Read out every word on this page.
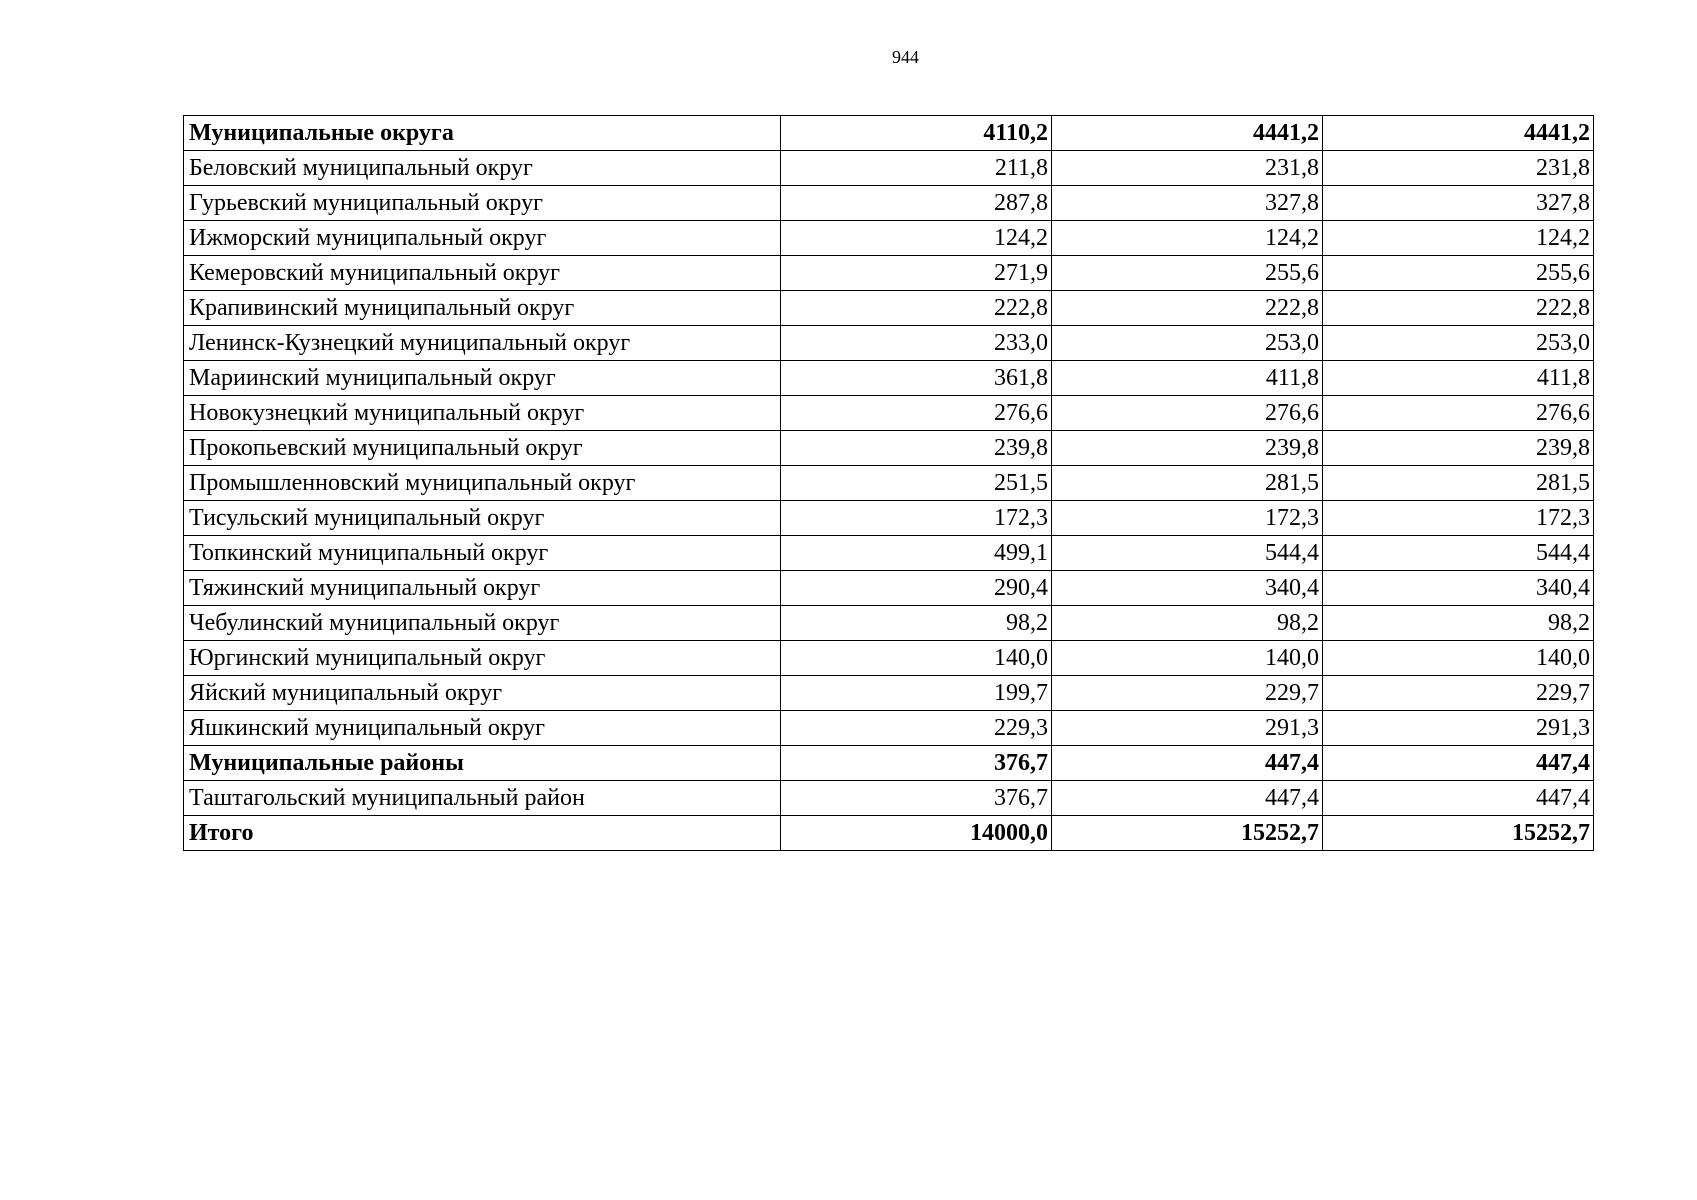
944
Муниципальные округа	4110,2	4441,2	4441,2
Беловский муниципальный округ	211,8	231,8	231,8
Гурьевский муниципальный округ	287,8	327,8	327,8
Ижморский муниципальный округ	124,2	124,2	124,2
Кемеровский муниципальный округ	271,9	255,6	255,6
Крапивинский муниципальный округ	222,8	222,8	222,8
Ленинск-Кузнецкий муниципальный округ	233,0	253,0	253,0
Мариинский муниципальный округ	361,8	411,8	411,8
Новокузнецкий муниципальный округ	276,6	276,6	276,6
Прокопьевский муниципальный округ	239,8	239,8	239,8
Промышленновский муниципальный округ	251,5	281,5	281,5
Тисульский муниципальный округ	172,3	172,3	172,3
Топкинский муниципальный округ	499,1	544,4	544,4
Тяжинский муниципальный округ	290,4	340,4	340,4
Чебулинский муниципальный округ	98,2	98,2	98,2
Юргинский муниципальный округ	140,0	140,0	140,0
Яйский муниципальный округ	199,7	229,7	229,7
Яшкинский муниципальный округ	229,3	291,3	291,3
Муниципальные районы	376,7	447,4	447,4
Таштагольский муниципальный район	376,7	447,4	447,4
Итого	14000,0	15252,7	15252,7
